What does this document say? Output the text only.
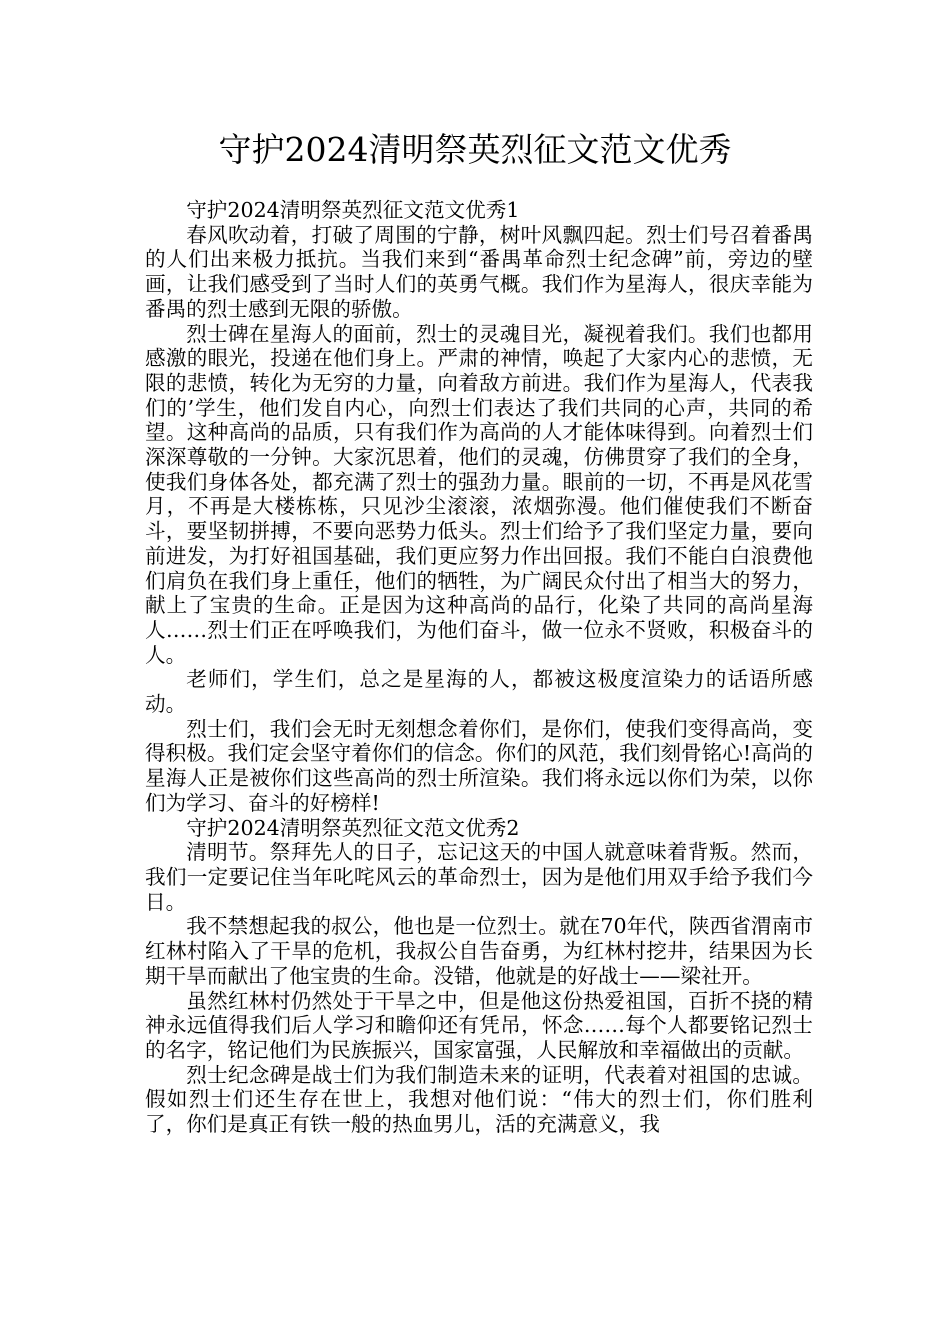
守护2024清明祭英烈征文范文优秀

守护2024清明祭英烈征文范文优秀1

春风吹动着，打破了周围的宁静，树叶风飘四起。烈士们号召着番禺的人们出来极力抵抗。当我们来到“番禺革命烈士纪念碑”前，旁边的壁画，让我们感受到了当时人们的英勇气概。我们作为星海人，很庆幸能为番禺的烈士感到无限的骄傲。

烈士碑在星海人的面前，烈士的灵魂目光，凝视着我们。我们也都用感激的眼光，投递在他们身上。严肃的神情，唤起了大家内心的悲愤，无限的悲愤，转化为无穷的力量，向着敌方前进。我们作为星海人，代表我们的’学生，他们发自内心，向烈士们表达了我们共同的心声，共同的希望。这种高尚的品质，只有我们作为高尚的人才能体味得到。向着烈士们深深尊敬的一分钟。大家沉思着，他们的灵魂，仿佛贯穿了我们的全身，使我们身体各处，都充满了烈士的强劲力量。眼前的一切，不再是风花雪月，不再是大楼栋栋，只见沙尘滚滚，浓烟弥漫。他们催使我们不断奋斗，要坚韧拼搏，不要向恶势力低头。烈士们给予了我们坚定力量，要向前进发，为打好祖国基础，我们更应努力作出回报。我们不能白白浪费他们肩负在我们身上重任，他们的牺牲，为广阔民众付出了相当大的努力，献上了宝贵的生命。正是因为这种高尚的品行，化染了共同的高尚星海人……烈士们正在呼唤我们，为他们奋斗，做一位永不贤败，积极奋斗的人。

老师们，学生们，总之是星海的人，都被这极度渲染力的话语所感动。

烈士们，我们会无时无刻想念着你们，是你们，使我们变得高尚，变得积极。我们定会坚守着你们的信念。你们的风范，我们刻骨铭心!高尚的星海人正是被你们这些高尚的烈士所渲染。我们将永远以你们为荣，以你们为学习、奋斗的好榜样!

守护2024清明祭英烈征文范文优秀2

清明节。祭拜先人的日子，忘记这天的中国人就意味着背叛。然而，我们一定要记住当年叱咤风云的革命烈士，因为是他们用双手给予我们今日。

我不禁想起我的叔公，他也是一位烈士。就在70年代，陕西省渭南市红林村陷入了干旱的危机，我叔公自告奋勇，为红林村挖井，结果因为长期干旱而献出了他宝贵的生命。没错，他就是的好战士——梁社开。

虽然红林村仍然处于干旱之中，但是他这份热爱祖国，百折不挠的精神永远值得我们后人学习和瞻仰还有凭吊，怀念……每个人都要铭记烈士的名字，铭记他们为民族振兴，国家富强，人民解放和幸福做出的贡献。

烈士纪念碑是战士们为我们制造未来的证明，代表着对祖国的忠诚。假如烈士们还生存在世上，我想对他们说：“伟大的烈士们，你们胜利了，你们是真正有铁一般的热血男儿，活的充满意义，我
